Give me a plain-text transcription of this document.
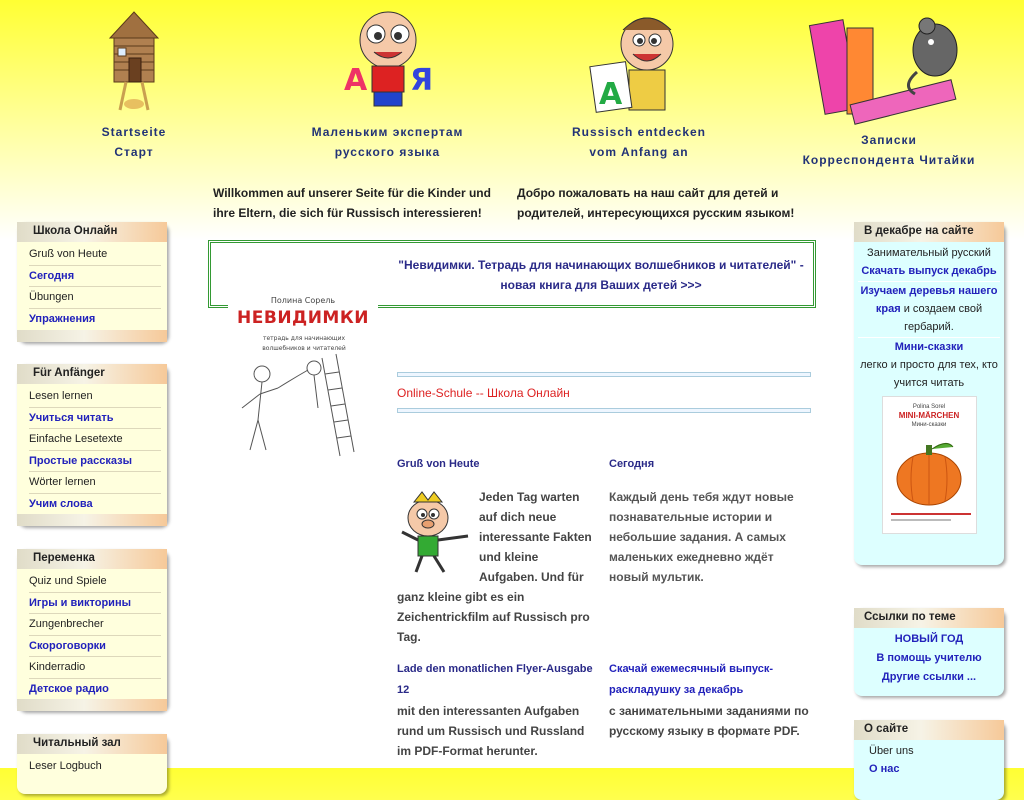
Startseite
Старт
А Я
Маленьким экспертам
русского языка
A
Russisch entdecken
vom Anfang an
Записки
Корреспондента Читайки
Willkommen auf unserer Seite für die Kinder und ihre Eltern, die sich für Russisch interessieren!
Добро пожаловать на наш сайт для детей и родителей, интересующихся русским языком!
Школа Онлайн
Gruß von Heute
Сегодня
Übungen
Упражнения
Für Anfänger
Lesen lernen
Учиться читать
Einfache Lesetexte
Простые рассказы
Wörter lernen
Учим слова
Переменка
Quiz und Spiele
Игры и викторины
Zungenbrecher
Скороговорки
Kinderradio
Детское радио
Читальный зал
Leser Logbuch
"Невидимки. Тетрадь для начинающих волшебников и читателей" - новая книга для Ваших детей >>>
Полина Сорель
НЕВИДИМКИ
тетрадь для начинающих волшебников и читателей
Online-Schule -- Школа Онлайн
Gruß von Heute	Сегодня
Jeden Tag warten auf dich neue interessante Fakten und kleine Aufgaben. Und für ganz kleine gibt es ein Zeichentrickfilm auf Russisch pro Tag.
Каждый день тебя ждут новые познавательные истории и небольшие задания. А самых маленьких ежедневно ждёт новый мультик.
Lade den monatlichen Flyer-Ausgabe 12
Скачай ежемесячный выпуск-раскладушку за декабрь
mit den interessanten Aufgaben rund um Russisch und Russland im PDF-Format herunter.
с занимательными заданиями по русскому языку в формате PDF.
В декабре на сайте
Занимательный русский
Скачать выпуск декабрь
Изучаем деревья нашего края и создаем свой гербарий.
Мини-сказки
легко и просто для тех, кто учится читать
Polina Sorel
MINI-MÄRCHEN
Мини-сказки
Ссылки по теме
НОВЫЙ ГОД
В помощь учителю
Другие ссылки ...
О сайте
Über uns
О нас
